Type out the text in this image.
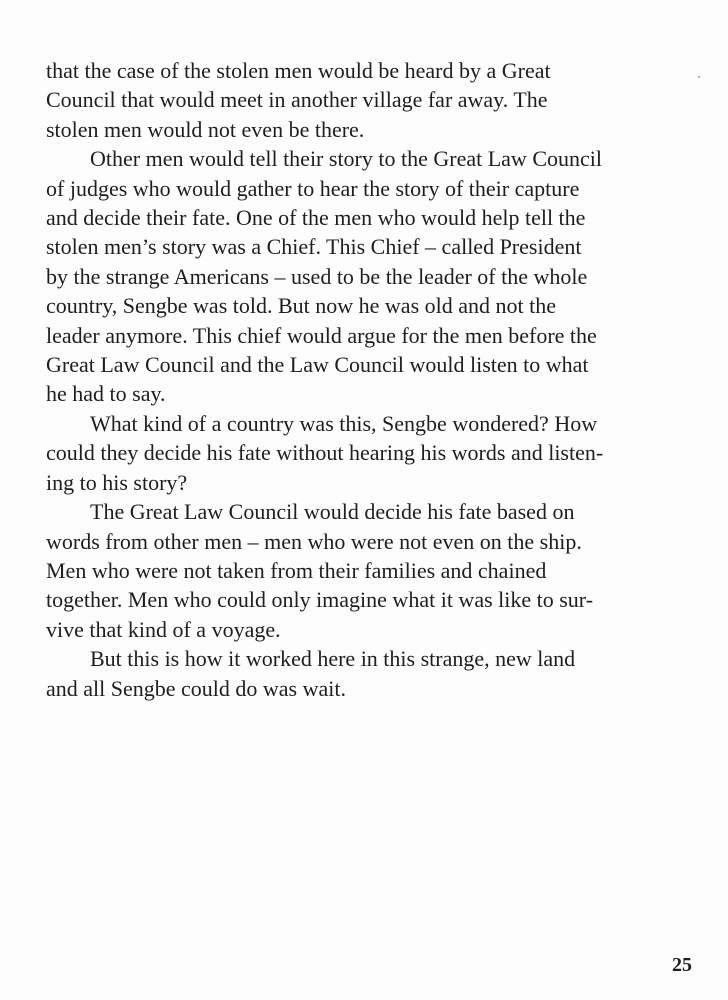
that the case of the stolen men would be heard by a Great
Council that would meet in another village far away. The
stolen men would not even be there.
Other men would tell their story to the Great Law Council
of judges who would gather to hear the story of their capture
and decide their fate. One of the men who would help tell the
stolen men’s story was a Chief. This Chief – called President
by the strange Americans – used to be the leader of the whole
country, Sengbe was told. But now he was old and not the
leader anymore. This chief would argue for the men before the
Great Law Council and the Law Council would listen to what
he had to say.
What kind of a country was this, Sengbe wondered? How
could they decide his fate without hearing his words and listen-
ing to his story?
The Great Law Council would decide his fate based on
words from other men – men who were not even on the ship.
Men who were not taken from their families and chained
together. Men who could only imagine what it was like to sur-
vive that kind of a voyage.
But this is how it worked here in this strange, new land
and all Sengbe could do was wait.

25
